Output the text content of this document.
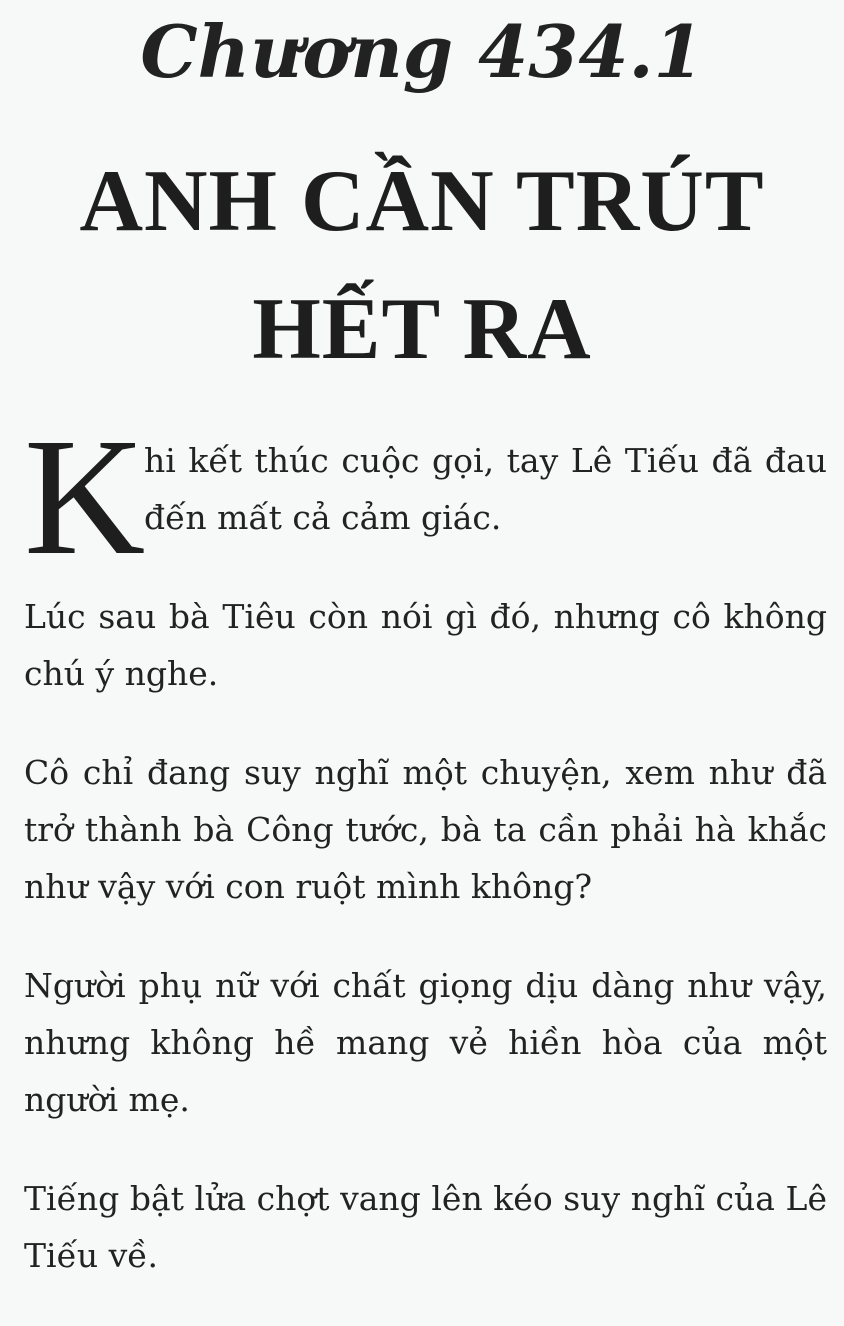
Chương 434.1
ANH CẦN TRÚT HẾT RA
K
hi kết thúc cuộc gọi, tay Lê Tiếu đã đau đến mất cả cảm giác.

Lúc sau bà Tiêu còn nói gì đó, nhưng cô không chú ý nghe.

Cô chỉ đang suy nghĩ một chuyện, xem như đã trở thành bà Công tước, bà ta cần phải hà khắc như vậy với con ruột mình không?

Người phụ nữ với chất giọng dịu dàng như vậy, nhưng không hề mang vẻ hiền hòa của một người mẹ.

Tiếng bật lửa chợt vang lên kéo suy nghĩ của Lê Tiếu về.
